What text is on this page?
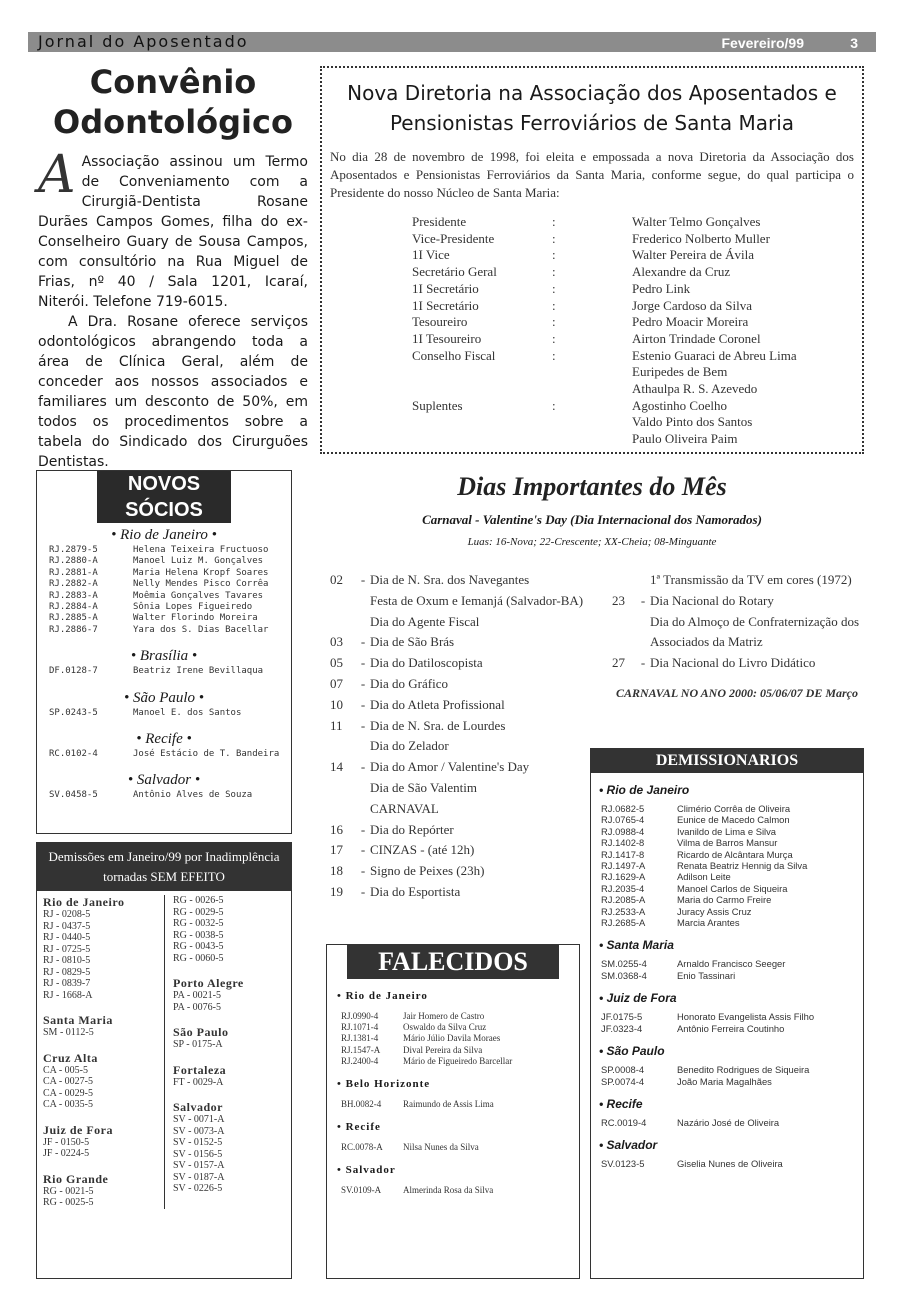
Jornal do Aposentado	Fevereiro/99	3
Convênio Odontológico

A Associação assinou um Termo de Conveniamento com a Cirurgiã-Dentista Rosane Durães Campos Gomes, filha do ex-Conselheiro Guary de Sousa Campos, com consultório na Rua Miguel de Frias, nº 40 / Sala 1201, Icaraí, Niterói. Telefone 719-6015.

A Dra. Rosane oferece serviços odontológicos abrangendo toda a área de Clínica Geral, além de conceder aos nossos associados e familiares um desconto de 50%, em todos os procedimentos sobre a tabela do Sindicado dos Cirurguões Dentistas.

Nova Diretoria na Associação dos Aposentados e Pensionistas Ferroviários de Santa Maria

No dia 28 de novembro de 1998, foi eleita e empossada a nova Diretoria da Associação dos Aposentados e Pensionistas Ferroviários da Santa Maria, conforme segue, do qual participa o Presidente do nosso Núcleo de Santa Maria:

Presidente	:	Walter Telmo Gonçalves
Vice-Presidente	:	Frederico Nolberto Muller
1I Vice	:	Walter Pereira de Ávila
Secretário Geral	:	Alexandre da Cruz
1I Secretário	:	Pedro Link
1I Secretário	:	Jorge Cardoso da Silva
Tesoureiro	:	Pedro Moacir Moreira
1I Tesoureiro	:	Airton Trindade Coronel
Conselho Fiscal	:	Estenio Guaraci de Abreu Lima
		Euripedes de Bem
		Athaulpa R. S. Azevedo
Suplentes	:	Agostinho Coelho
		Valdo Pinto dos Santos
		Paulo Oliveira Paim
NOVOS SÓCIOS
• Rio de Janeiro •
RJ.2879-5	Helena Teixeira Fructuoso
RJ.2880-A	Manoel Luiz M. Gonçalves
RJ.2881-A	Maria Helena Kropf Soares
RJ.2882-A	Nelly Mendes Pisco Corrêa
RJ.2883-A	Moêmia Gonçalves Tavares
RJ.2884-A	Sônia Lopes Figueiredo
RJ.2885-A	Walter Florindo Moreira
RJ.2886-7	Yara dos S. Dias Bacellar
• Brasília •
DF.0128-7	Beatriz Irene Bevillaqua
• São Paulo •
SP.0243-5	Manoel E. dos Santos
• Recife •
RC.0102-4	José Estácio de T. Bandeira
• Salvador •
SV.0458-5	Antônio Alves de Souza
Demissões em Janeiro/99 por Inadimplência tornadas SEM EFEITO
Rio de Janeiro
RJ - 0208-5
RJ - 0437-5
RJ - 0440-5
RJ - 0725-5
RJ - 0810-5
RJ - 0829-5
RJ - 0839-7
RJ - 1668-A
Santa Maria
SM - 0112-5
Cruz Alta
CA - 005-5
CA - 0027-5
CA - 0029-5
CA - 0035-5
Juiz de Fora
JF - 0150-5
JF - 0224-5
Rio Grande
RG - 0021-5
RG - 0025-5
RG - 0026-5
RG - 0029-5
RG - 0032-5
RG - 0038-5
RG - 0043-5
RG - 0060-5
Porto Alegre
PA - 0021-5
PA - 0076-5
São Paulo
SP - 0175-A
Fortaleza
FT - 0029-A
Salvador
SV - 0071-A
SV - 0073-A
SV - 0152-5
SV - 0156-5
SV - 0157-A
SV - 0187-A
SV - 0226-5
Dias Importantes do Mês
Carnaval - Valentine's Day (Dia Internacional dos Namorados)
Luas: 16-Nova; 22-Crescente; XX-Cheia; 08-Minguante
02	- Dia de N. Sra. dos Navegantes
Festa de Oxum e Iemanjá (Salvador-BA)
Dia do Agente Fiscal
03	- Dia de São Brás
05	- Dia do Datiloscopista
07	- Dia do Gráfico
10	- Dia do Atleta Profissional
11	- Dia de N. Sra. de Lourdes
Dia do Zelador
14	- Dia do Amor / Valentine's Day
Dia de São Valentim
CARNAVAL
16	- Dia do Repórter
17	- CINZAS - (até 12h)
18	- Signo de Peixes (23h)
19	- Dia do Esportista
1ª Transmissão da TV em cores (1972)
23	- Dia Nacional do Rotary
Dia do Almoço de Confraternização dos Associados da Matriz
27	- Dia Nacional do Livro Didático
CARNAVAL NO ANO 2000: 05/06/07 DE Março
FALECIDOS
• Rio de Janeiro
RJ.0990-4	Jair Homero de Castro
RJ.1071-4	Oswaldo da Silva Cruz
RJ.1381-4	Mário Júlio Davila Moraes
RJ.1547-A	Dival Pereira da Silva
RJ.2400-4	Mário de Figueiredo Barcellar
• Belo Horizonte
BH.0082-4	Raimundo de Assis Lima
• Recife
RC.0078-A	Nilsa Nunes da Silva
• Salvador
SV.0109-A	Almerinda Rosa da Silva
DEMISSIONARIOS
• Rio de Janeiro
RJ.0682-5	Climério Corrêa de Oliveira
RJ.0765-4	Eunice de Macedo Calmon
RJ.0988-4	Ivanildo de Lima e Silva
RJ.1402-8	Vilma de Barros Mansur
RJ.1417-8	Ricardo de Alcântara Murça
RJ.1497-A	Renata Beatriz Hennig da Silva
RJ.1629-A	Adilson Leite
RJ.2035-4	Manoel Carlos de Siqueira
RJ.2085-A	Maria do Carmo Freire
RJ.2533-A	Juracy Assis Cruz
RJ.2685-A	Marcia Arantes
• Santa Maria
SM.0255-4	Arnaldo Francisco Seeger
SM.0368-4	Enio Tassinari
• Juiz de Fora
JF.0175-5	Honorato Evangelista Assis Filho
JF.0323-4	Antônio Ferreira Coutinho
• São Paulo
SP.0008-4	Benedito Rodrigues de Siqueira
SP.0074-4	João Maria Magalhães
• Recife
RC.0019-4	Nazário José de Oliveira
• Salvador
SV.0123-5	Giselia Nunes de Oliveira
